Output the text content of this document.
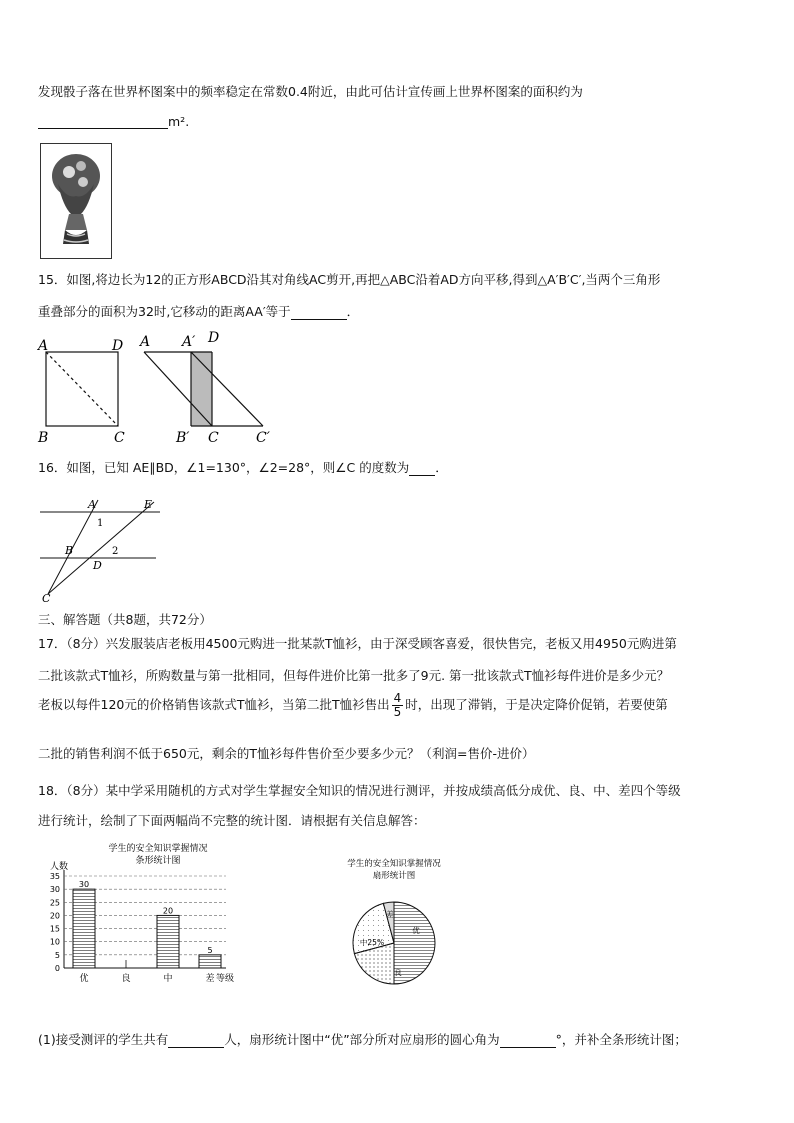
发现骰子落在世界杯图案中的频率稳定在常数0.4附近，由此可估计宣传画上世界杯图案的面积约为
m².
15．如图,将边长为12的正方形ABCD沿其对角线AC剪开,再把△ABC沿着AD方向平移,得到△A′B′C′,当两个三角形
重叠部分的面积为32时,它移动的距离AA′等于	．
A	D
B	C
A A′ D
B′ C	C′
16．如图，已知 AE∥BD，∠1=130°，∠2=28°，则∠C 的度数为 ．
A	E
1
B	2
D
C
三、解答题（共8题，共72分）
17．（8分）兴发服装店老板用4500元购进一批某款T恤衫，由于深受顾客喜爱，很快售完，老板又用4950元购进第
二批该款式T恤衫，所购数量与第一批相同，但每件进价比第一批多了9元. 第一批该款式T恤衫每件进价是多少元？
老板以每件120元的价格销售该款式T恤衫，当第二批T恤衫售出 $\frac{4}{5}$ 时，出现了滞销，于是决定降价促销，若要使第
二批的销售利润不低于650元，剩余的T恤衫每件售价至少要多少元？（利润=售价-进价）
18．（8分）某中学采用随机的方式对学生掌握安全知识的情况进行测评，并按成绩高低分成优、良、中、差四个等级
进行统计，绘制了下面两幅尚不完整的统计图．请根据有关信息解答：
学生的安全知识掌握情况
条形统计图
人数
等级
0
5
10
15
20
25
30
35
30
优	良
20
中
5
差
学生的安全知识掌握情况
扇形统计图
优
良
中25%
差
(1)接受测评的学生共有	人，扇形统计图中“优”部分所对应扇形的圆心角为	°，并补全条形统计图；
